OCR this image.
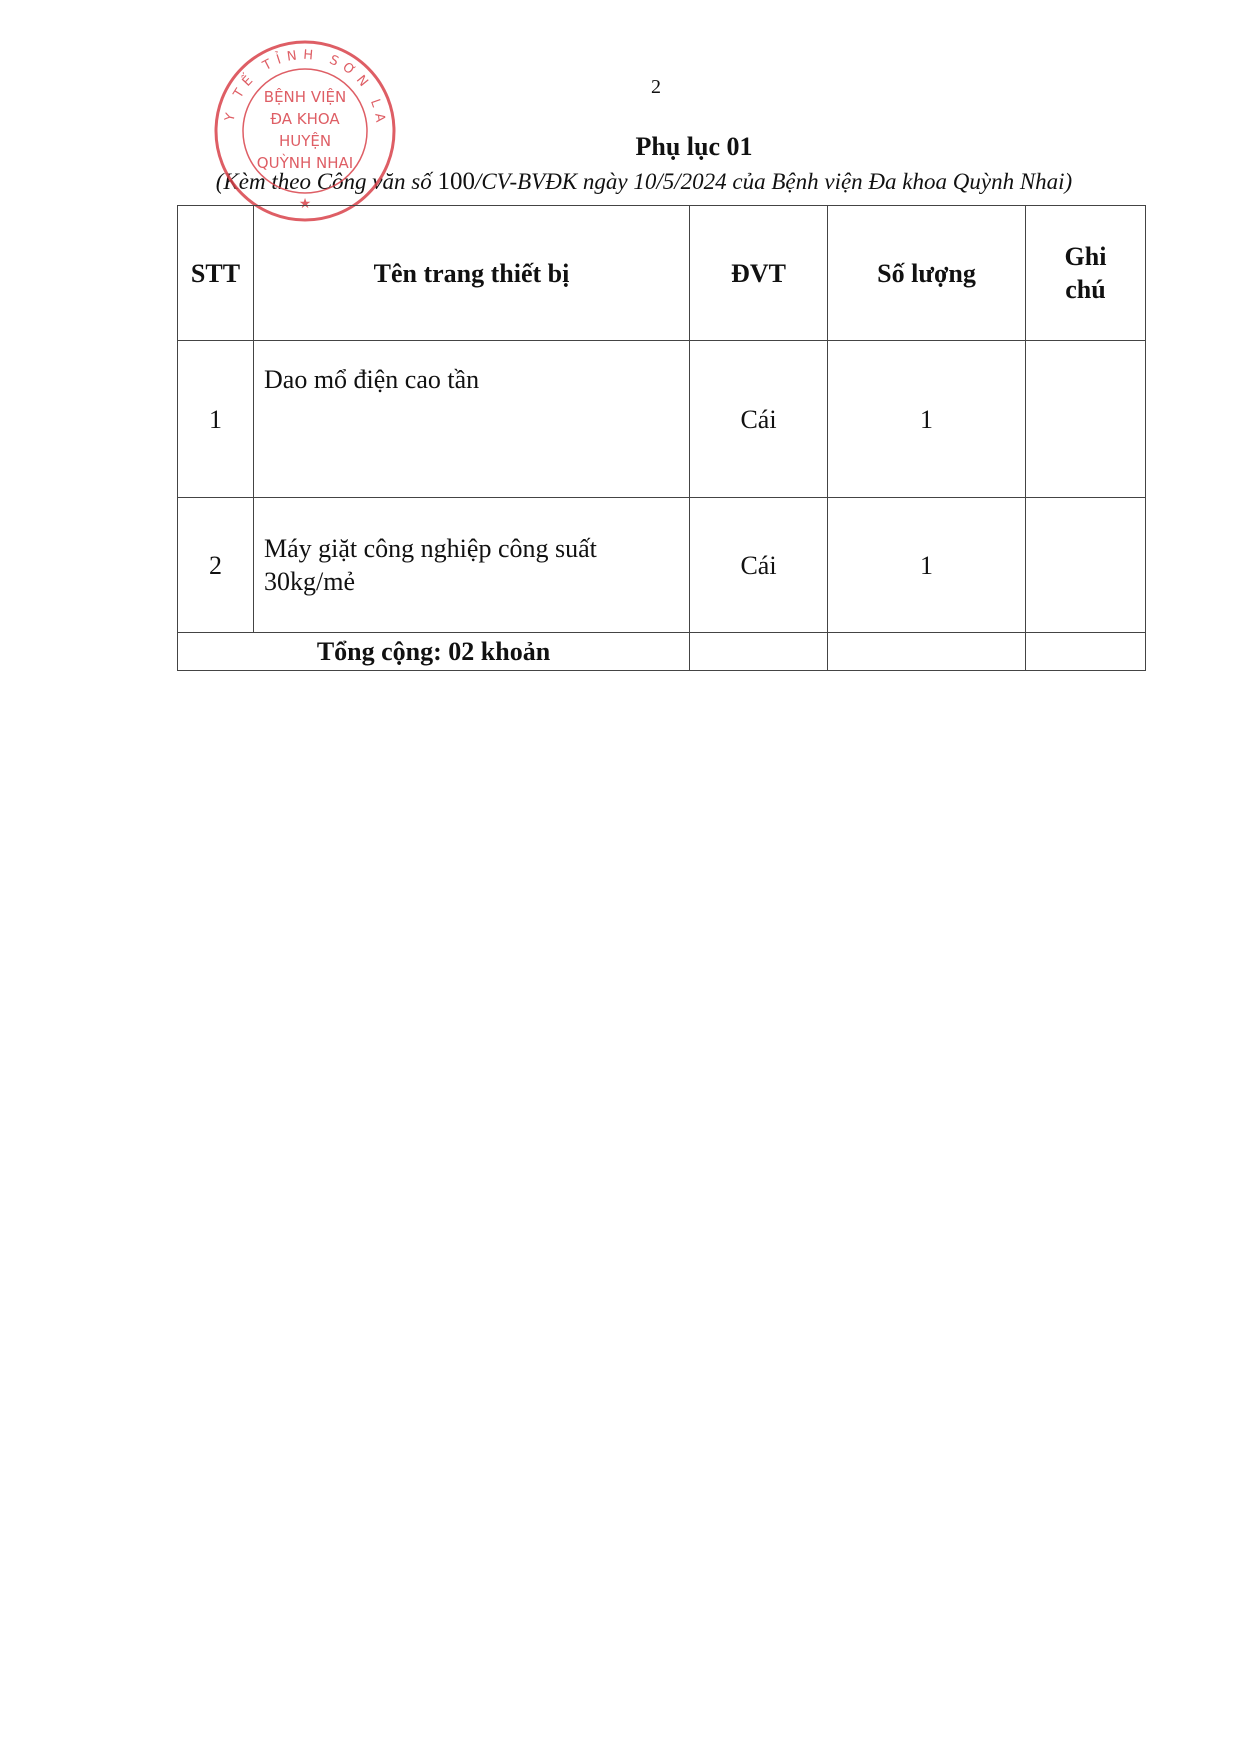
2
Phụ lục 01
(Kèm theo Công văn số 100/CV-BVĐK ngày 10/5/2024 của Bệnh viện Đa khoa Quỳnh Nhai)
Y TẾ TỈNH SƠN LA
BỆNH VIỆN
ĐA KHOA
HUYỆN
QUỲNH NHAI
★
STT	Tên trang thiết bị	ĐVT	Số lượng	Ghi
chú
1	Dao mổ điện cao tần	Cái	1	
2	Máy giặt công nghiệp công suất
30kg/mẻ	Cái	1	
Tổng cộng: 02 khoản				
